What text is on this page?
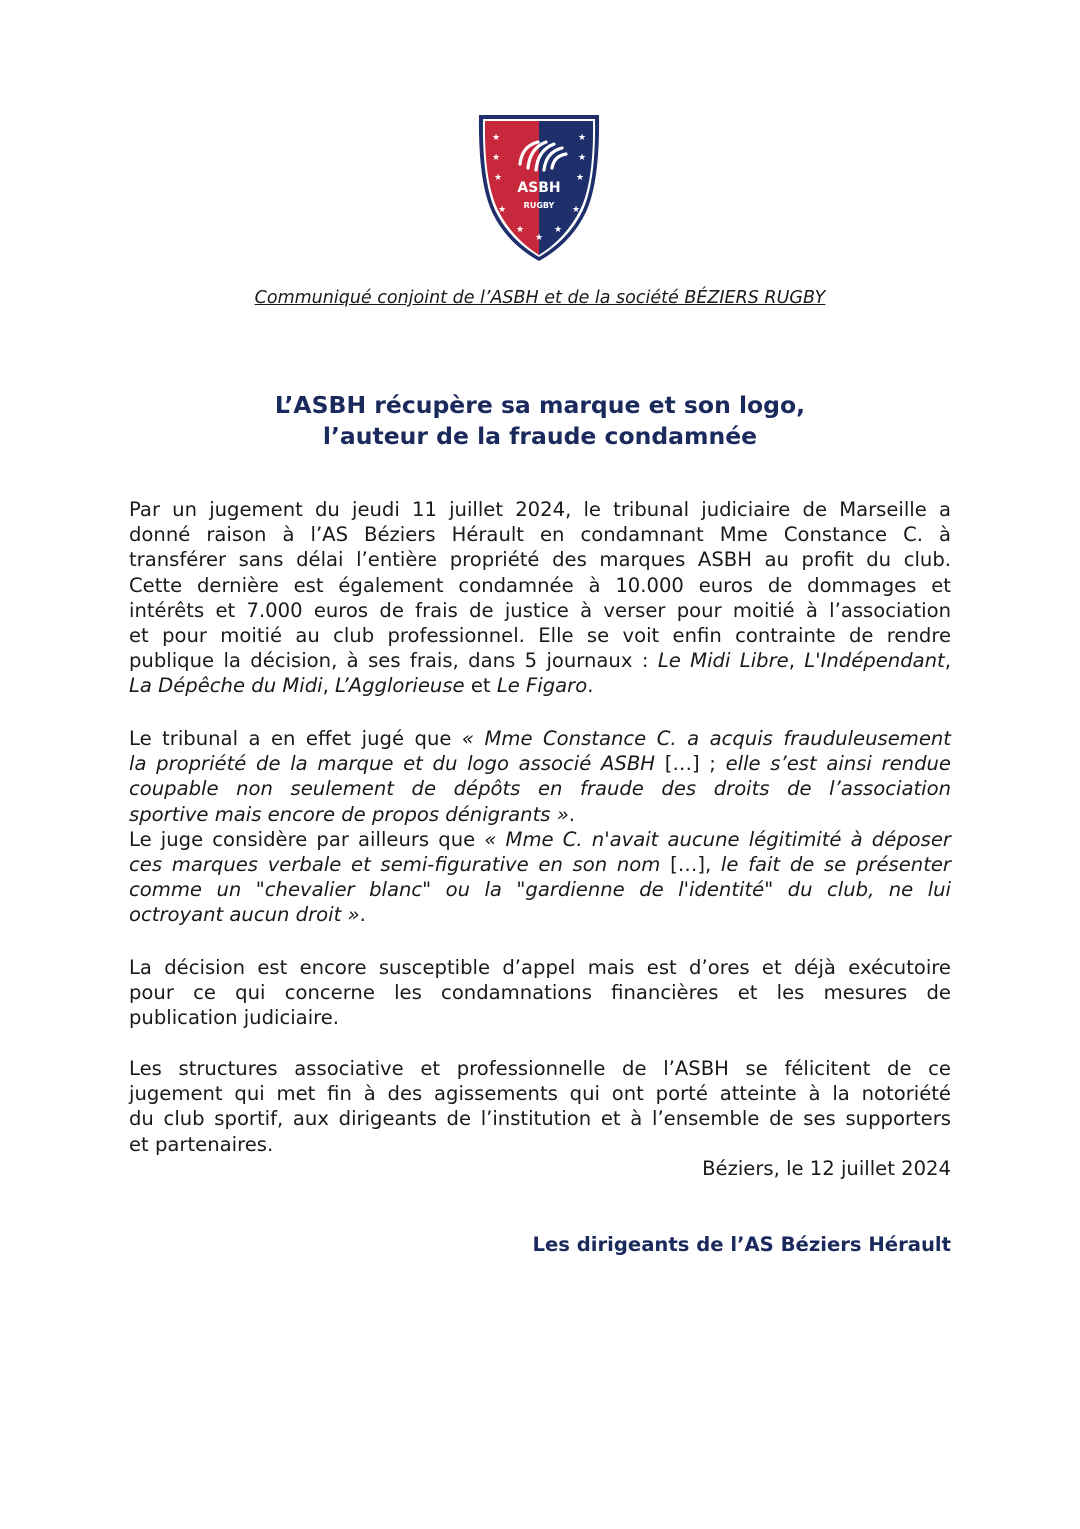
★
★
★
★
★
★
★	★
★
★
★
ASBH
RUGBY
Communiqué conjoint de l’ASBH et de la société BÉZIERS RUGBY
L’ASBH récupère sa marque et son logo,
l’auteur de la fraude condamnée
Par un jugement du jeudi 11 juillet 2024, le tribunal judiciaire de Marseille a
donné raison à l’AS Béziers Hérault en condamnant Mme Constance C. à
transférer sans délai l’entière propriété des marques ASBH au profit du club.
Cette dernière est également condamnée à 10.000 euros de dommages et
intérêts et 7.000 euros de frais de justice à verser pour moitié à l’association
et pour moitié au club professionnel. Elle se voit enfin contrainte de rendre
publique la décision, à ses frais, dans 5 journaux : Le Midi Libre, L'Indépendant,
La Dépêche du Midi, L’Agglorieuse et Le Figaro.
Le tribunal a en effet jugé que « Mme Constance C. a acquis frauduleusement
la propriété de la marque et du logo associé ASBH […] ; elle s’est ainsi rendue
coupable non seulement de dépôts en fraude des droits de l’association
sportive mais encore de propos dénigrants ».
Le juge considère par ailleurs que « Mme C. n'avait aucune légitimité à déposer
ces marques verbale et semi-figurative en son nom […], le fait de se présenter
comme un "chevalier blanc" ou la "gardienne de l'identité" du club, ne lui
octroyant aucun droit ».
La décision est encore susceptible d’appel mais est d’ores et déjà exécutoire
pour ce qui concerne les condamnations financières et les mesures de
publication judiciaire.
Les structures associative et professionnelle de l’ASBH se félicitent de ce
jugement qui met fin à des agissements qui ont porté atteinte à la notoriété
du club sportif, aux dirigeants de l’institution et à l’ensemble de ses supporters
et partenaires.
Béziers, le 12 juillet 2024
Les dirigeants de l’AS Béziers Hérault
